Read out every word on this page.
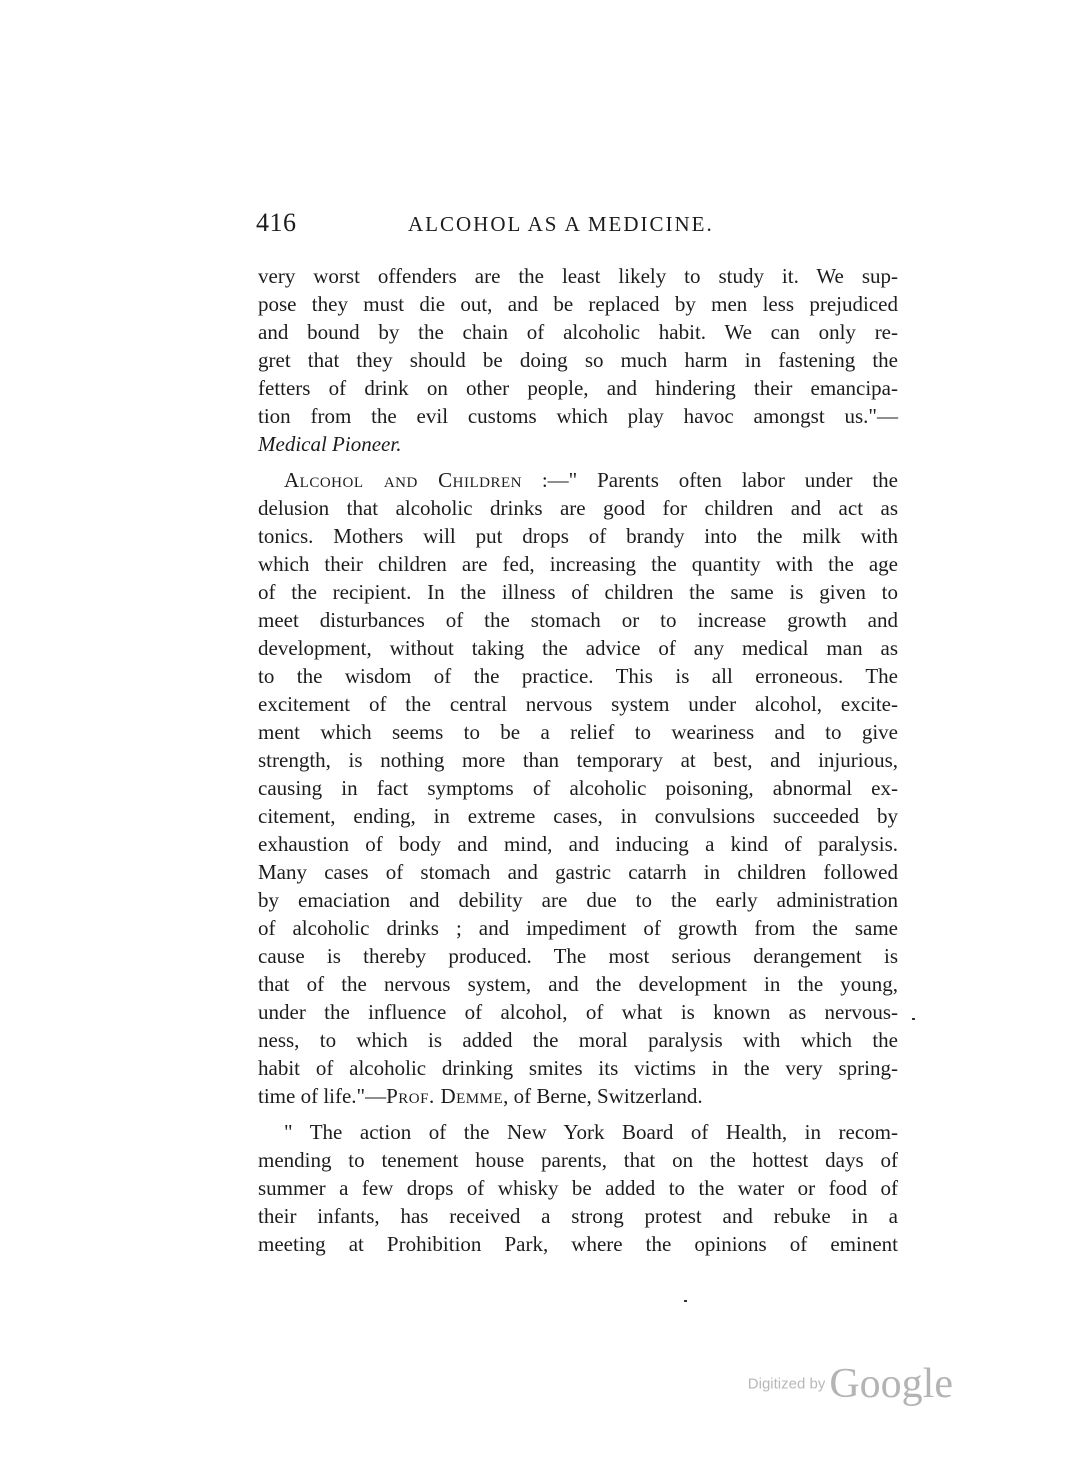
416	ALCOHOL AS A MEDICINE.
very worst offenders are the least likely to study it. We sup-
pose they must die out, and be replaced by men less prejudiced
and bound by the chain of alcoholic habit. We can only re-
gret that they should be doing so much harm in fastening the
fetters of drink on other people, and hindering their emancipa-
tion from the evil customs which play havoc amongst us."—
Medical Pioneer.
Alcohol and Children :—" Parents often labor under the
delusion that alcoholic drinks are good for children and act as
tonics. Mothers will put drops of brandy into the milk with
which their children are fed, increasing the quantity with the age
of the recipient. In the illness of children the same is given to
meet disturbances of the stomach or to increase growth and
development, without taking the advice of any medical man as
to the wisdom of the practice. This is all erroneous. The
excitement of the central nervous system under alcohol, excite-
ment which seems to be a relief to weariness and to give
strength, is nothing more than temporary at best, and injurious,
causing in fact symptoms of alcoholic poisoning, abnormal ex-
citement, ending, in extreme cases, in convulsions succeeded by
exhaustion of body and mind, and inducing a kind of paralysis.
Many cases of stomach and gastric catarrh in children followed
by emaciation and debility are due to the early administration
of alcoholic drinks ; and impediment of growth from the same
cause is thereby produced. The most serious derangement is
that of the nervous system, and the development in the young,
under the influence of alcohol, of what is known as nervous-
ness, to which is added the moral paralysis with which the
habit of alcoholic drinking smites its victims in the very spring-
time of life."—Prof. Demme, of Berne, Switzerland.
" The action of the New York Board of Health, in recom-
mending to tenement house parents, that on the hottest days of
summer a few drops of whisky be added to the water or food of
their infants, has received a strong protest and rebuke in a
meeting at Prohibition Park, where the opinions of eminent
Digitized by Google
